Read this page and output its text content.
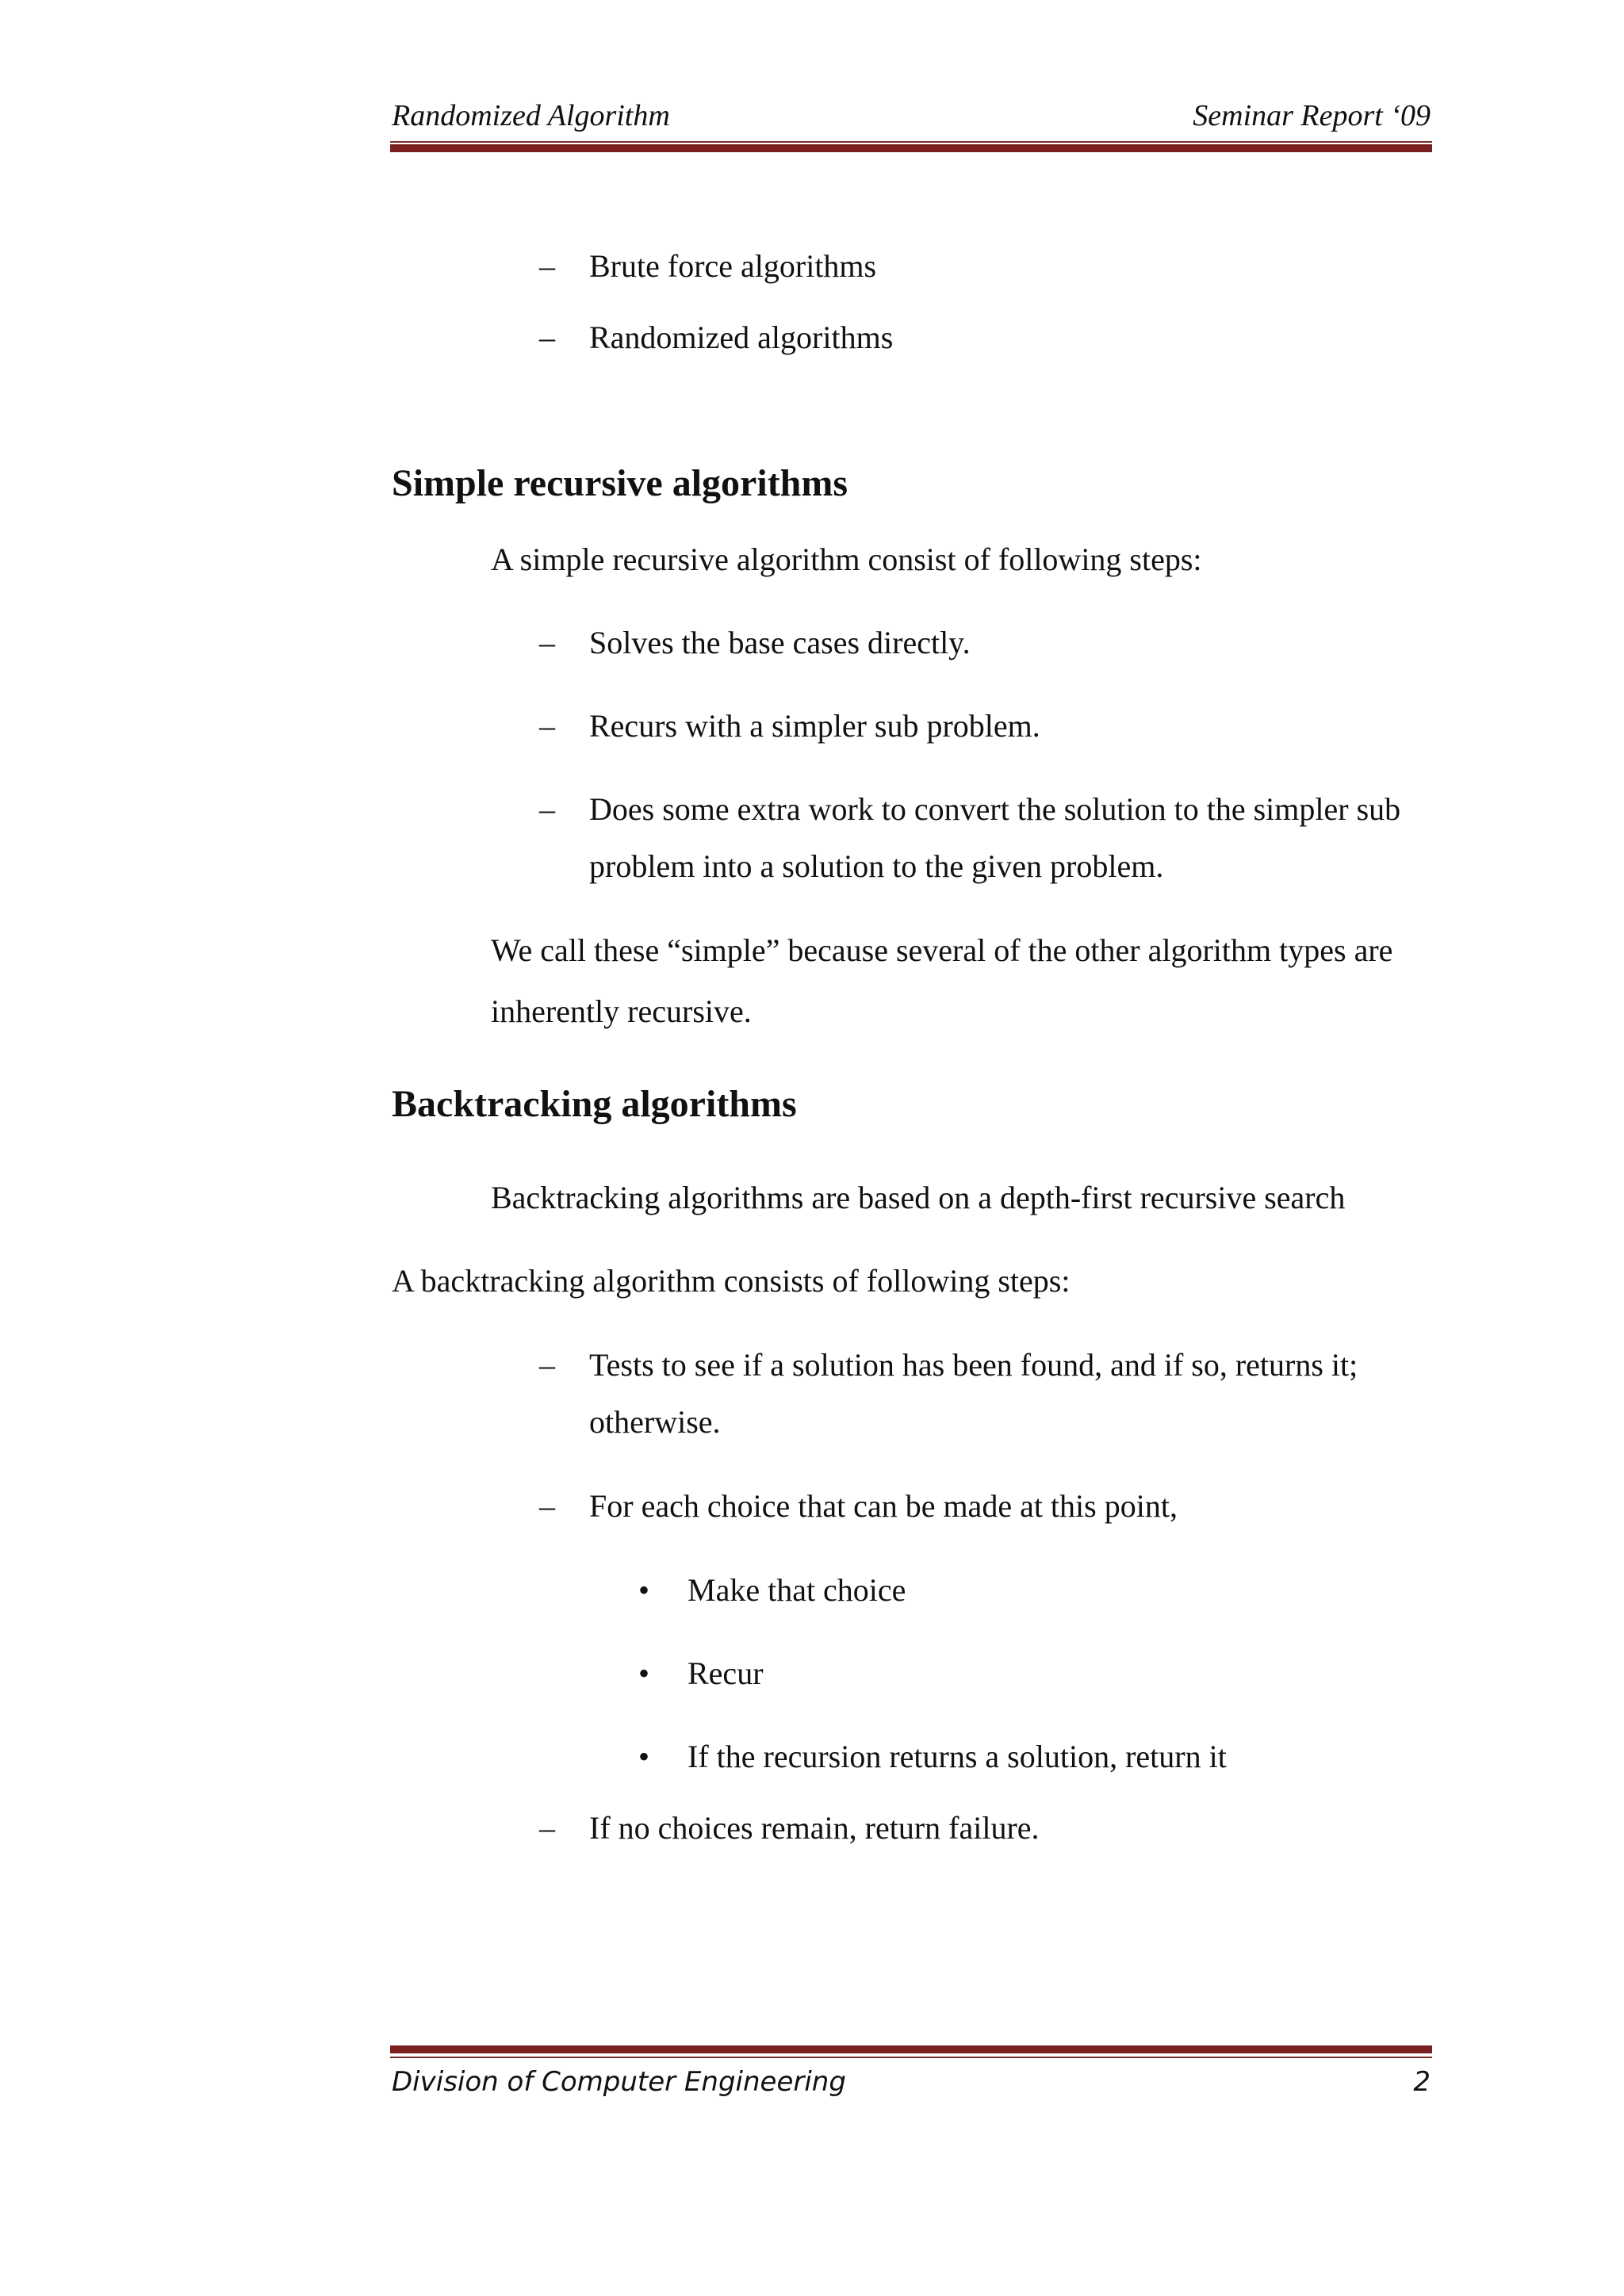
Randomized Algorithm	Seminar Report ‘09
– Brute force algorithms
– Randomized algorithms
Simple recursive algorithms
A simple recursive algorithm consist of following steps:
– Solves the base cases directly.
– Recurs with a simpler sub problem.
– Does some extra work to convert the solution to the simpler sub
problem into a solution to the given problem.
We call these “simple” because several of the other algorithm types are
inherently recursive.
Backtracking algorithms
Backtracking algorithms are based on a depth-first recursive search
A backtracking algorithm consists of following steps:
– Tests to see if a solution has been found, and if so, returns it;
otherwise.
– For each choice that can be made at this point,
• Make that choice
• Recur
• If the recursion returns a solution, return it
– If no choices remain, return failure.
Division of Computer Engineering	2
